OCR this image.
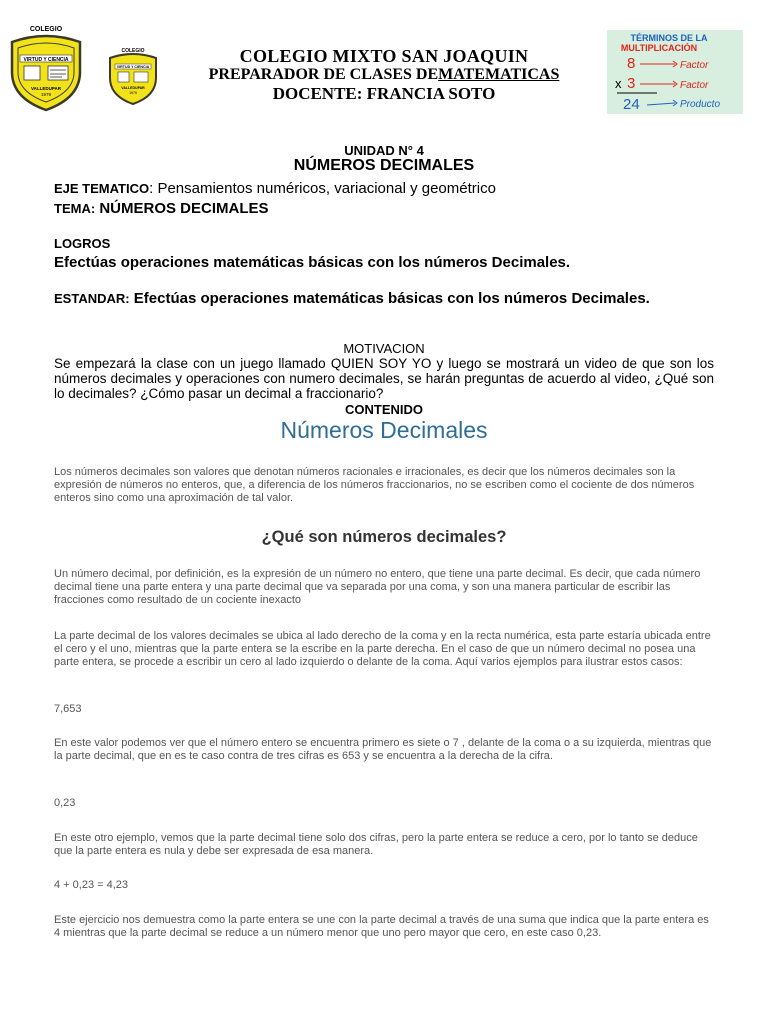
COLEGIO
VIRTUD Y CIENCIA
VALLEDUPAR
1979
COLEGIO
VIRTUD Y CIENCIA
VALLEDUPAR
1979
COLEGIO MIXTO SAN JOAQUIN
PREPARADOR DE CLASES DEMATEMATICAS
DOCENTE: FRANCIA SOTO
TÉRMINOS DE LA
MULTIPLICACIÓN
8	Factor
x 3	Factor
24	Producto
UNIDAD N° 4
NÚMEROS DECIMALES
EJE TEMATICO: Pensamientos numéricos, variacional y geométrico
TEMA: NÚMEROS DECIMALES
LOGROS
Efectúas operaciones matemáticas básicas con los números Decimales.
ESTANDAR: Efectúas operaciones matemáticas básicas con los números Decimales.
MOTIVACION
Se empezará la clase con un juego llamado QUIEN SOY YO y luego se mostrará un video de que son los números decimales y operaciones con numero decimales, se harán preguntas de acuerdo al video, ¿Qué son lo decimales? ¿Cómo pasar un decimal a fraccionario?
CONTENIDO
Números Decimales
Los números decimales son valores que denotan números racionales e irracionales, es decir que los números decimales son la expresión de números no enteros, que, a diferencia de los números fraccionarios, no se escriben como el cociente de dos números enteros sino como una aproximación de tal valor.
¿Qué son números decimales?
Un número decimal, por definición, es la expresión de un número no entero, que tiene una parte decimal. Es decir, que cada número decimal tiene una parte entera y una parte decimal que va separada por una coma, y son una manera particular de escribir las fracciones como resultado de un cociente inexacto
La parte decimal de los valores decimales se ubica al lado derecho de la coma y en la recta numérica, esta parte estaría ubicada entre el cero y el uno, mientras que la parte entera se la escribe en la parte derecha. En el caso de que un número decimal no posea una parte entera, se procede a escribir un cero al lado izquierdo o delante de la coma. Aquí varios ejemplos para ilustrar estos casos:
7,653
En este valor podemos ver que el número entero se encuentra primero es siete o 7 , delante de la coma o a su izquierda, mientras que la parte decimal, que en es te caso contra de tres cifras es 653 y se encuentra a la derecha de la cifra.
0,23
En este otro ejemplo, vemos que la parte decimal tiene solo dos cifras, pero la parte entera se reduce a cero, por lo tanto se deduce que la parte entera es nula y debe ser expresada de esa manera.
4 + 0,23 = 4,23
Este ejercicio nos demuestra como la parte entera se une con la parte decimal a través de una suma que indica que la parte entera es 4 mientras que la parte decimal se reduce a un número menor que uno pero mayor que cero, en este caso 0,23.
